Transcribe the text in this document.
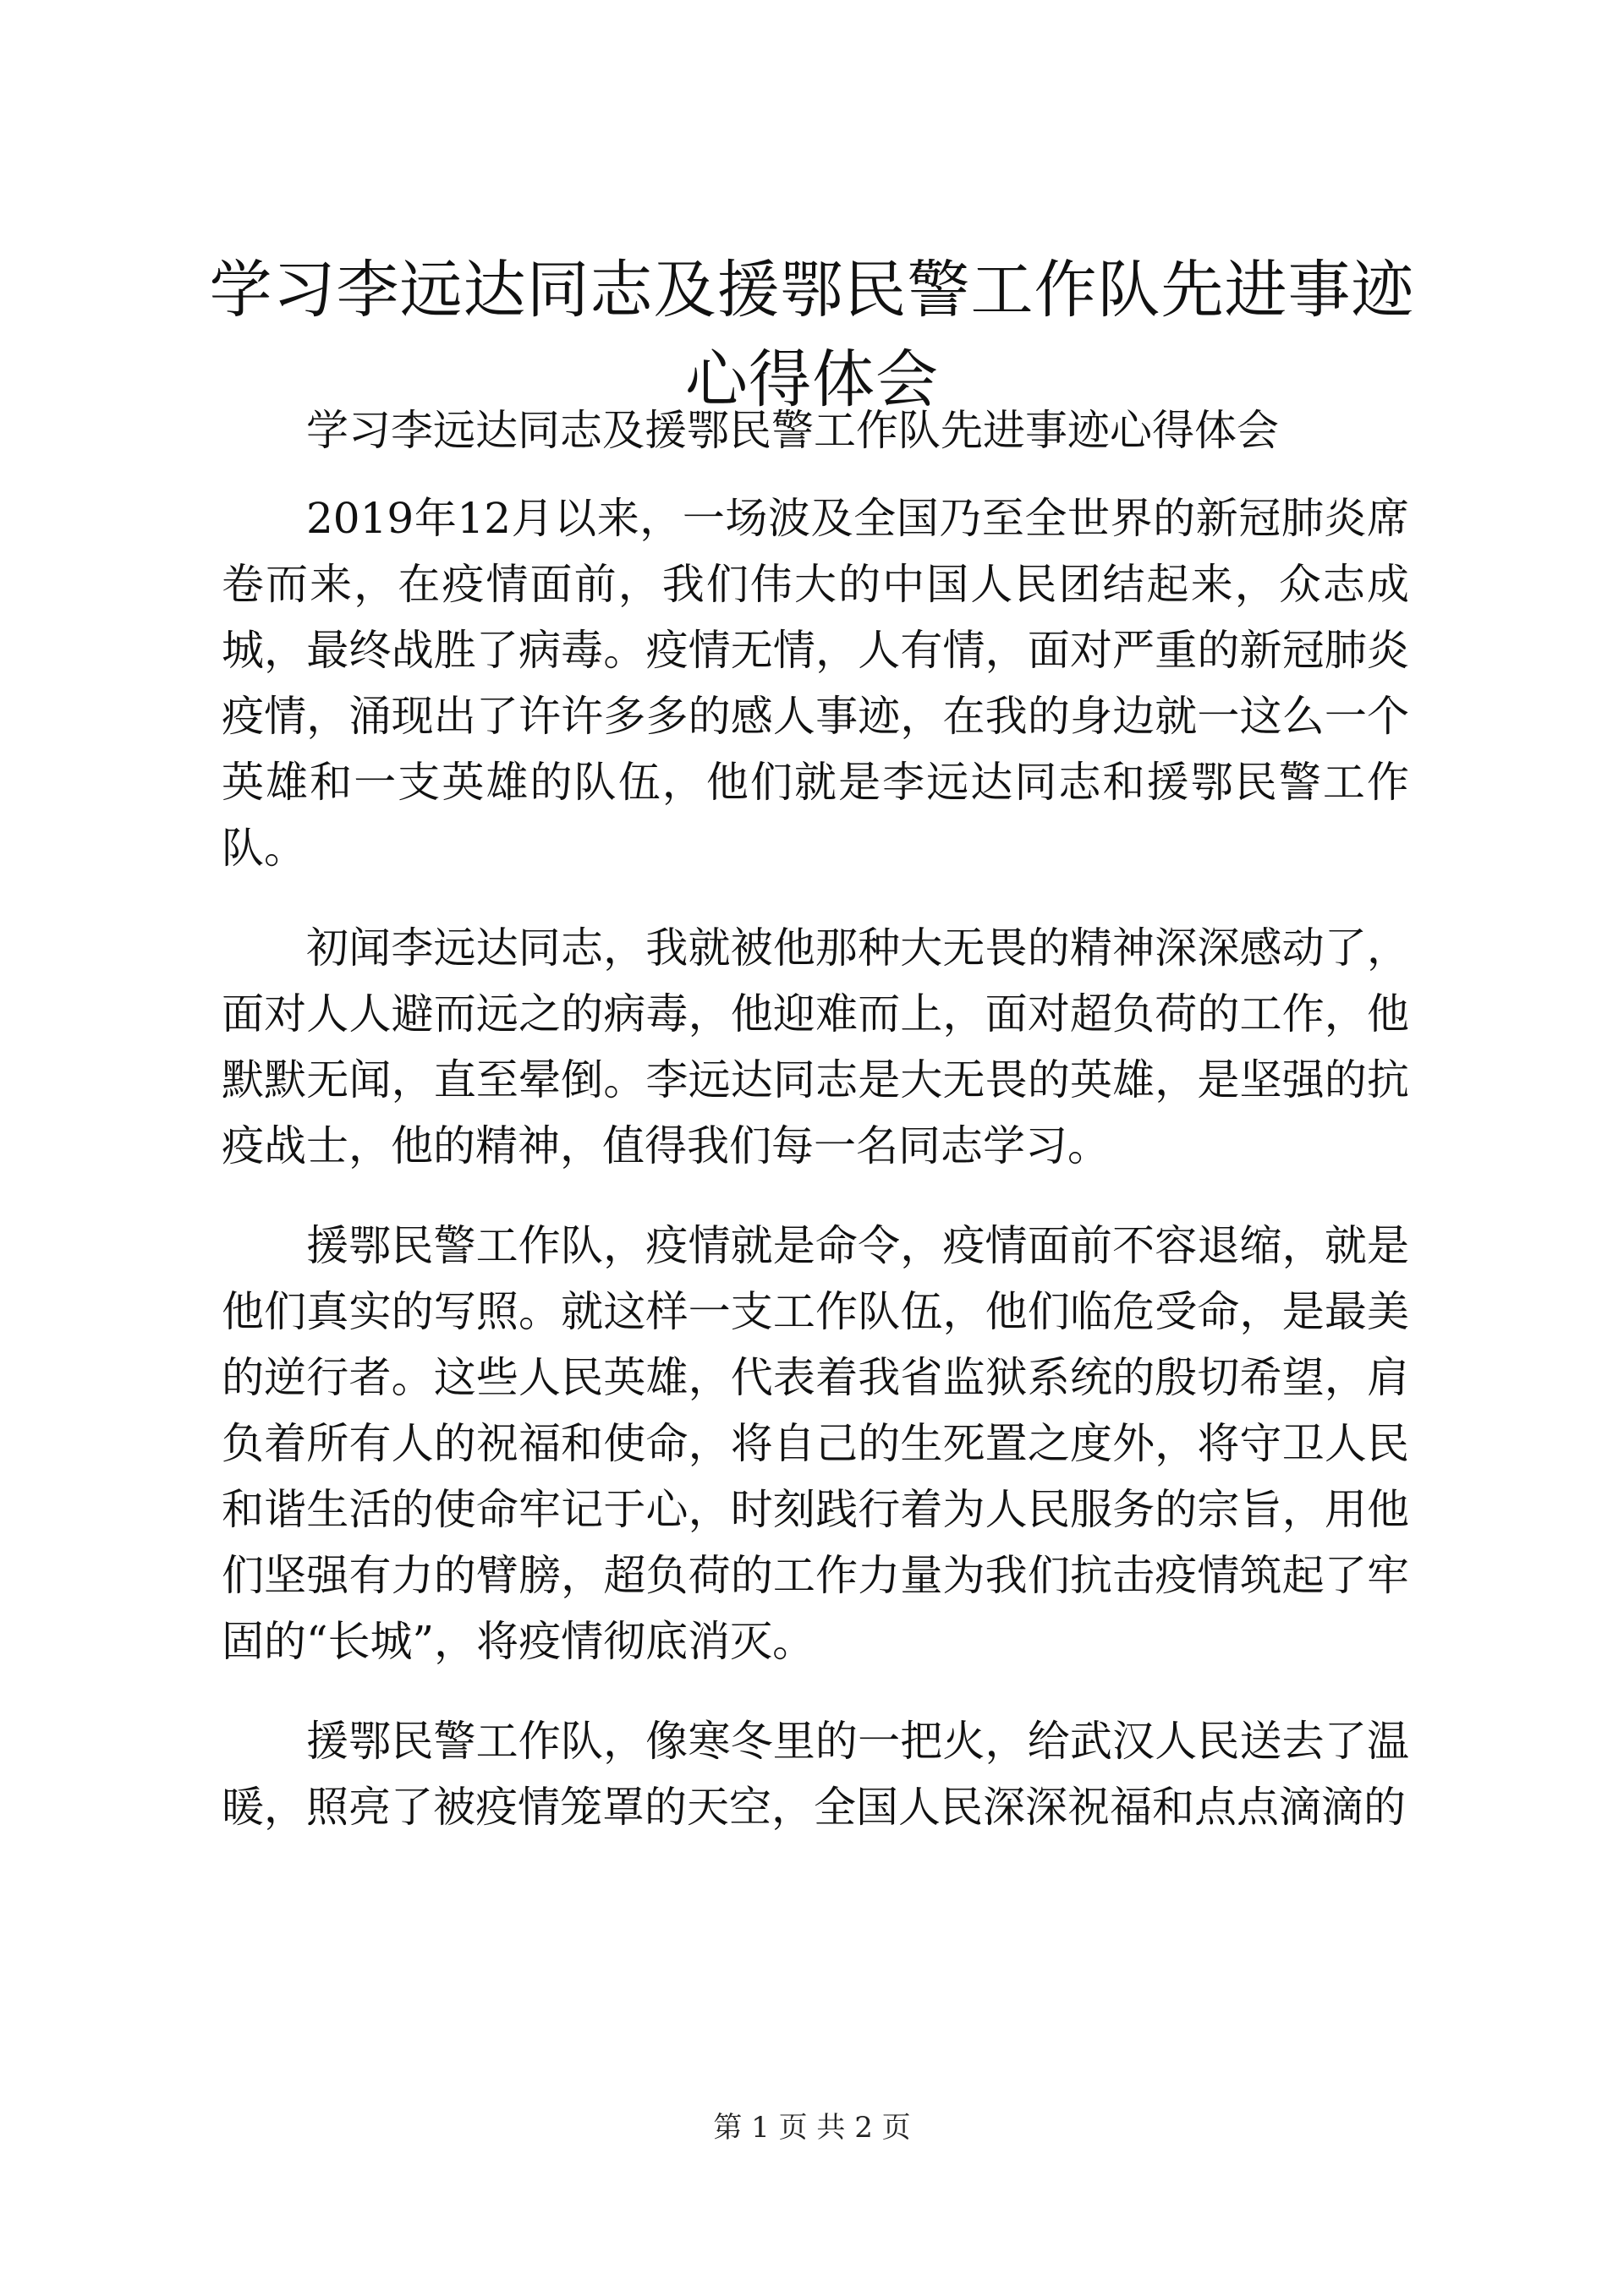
学习李远达同志及援鄂民警工作队先进事迹心得体会

学习李远达同志及援鄂民警工作队先进事迹心得体会

2019年12月以来，一场波及全国乃至全世界的新冠肺炎席卷而来，在疫情面前，我们伟大的中国人民团结起来，众志成城，最终战胜了病毒。疫情无情，人有情，面对严重的新冠肺炎疫情，涌现出了许许多多的感人事迹，在我的身边就一这么一个英雄和一支英雄的队伍，他们就是李远达同志和援鄂民警工作队。

初闻李远达同志，我就被他那种大无畏的精神深深感动了，面对人人避而远之的病毒，他迎难而上，面对超负荷的工作，他默默无闻，直至晕倒。李远达同志是大无畏的英雄，是坚强的抗疫战士，他的精神，值得我们每一名同志学习。

援鄂民警工作队，疫情就是命令，疫情面前不容退缩，就是他们真实的写照。就这样一支工作队伍，他们临危受命，是最美的逆行者。这些人民英雄，代表着我省监狱系统的殷切希望，肩负着所有人的祝福和使命，将自己的生死置之度外，将守卫人民和谐生活的使命牢记于心，时刻践行着为人民服务的宗旨，用他们坚强有力的臂膀，超负荷的工作力量为我们抗击疫情筑起了牢固的“长城”，将疫情彻底消灭。

援鄂民警工作队，像寒冬里的一把火，给武汉人民送去了温暖，照亮了被疫情笼罩的天空，全国人民深深祝福和点点滴滴的

第 1 页 共 2 页
